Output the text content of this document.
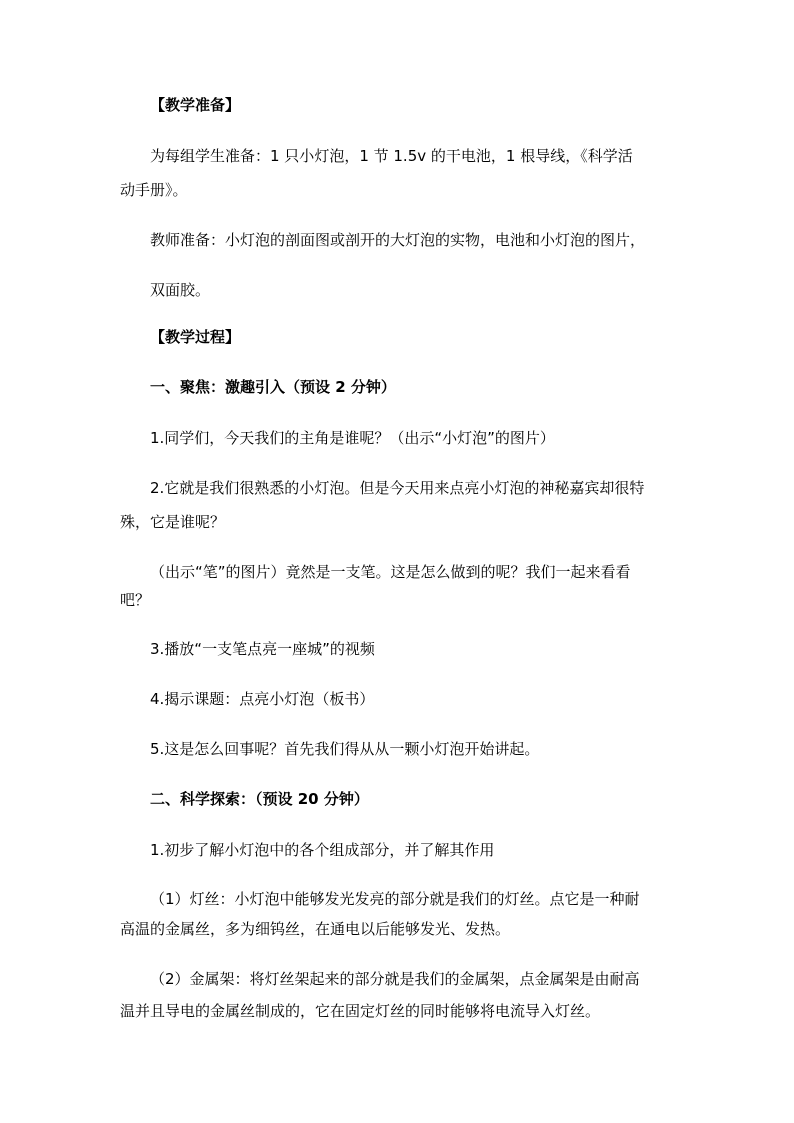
【教学准备】
为每组学生准备：1 只小灯泡，1 节 1.5v 的干电池，1 根导线，《科学活
动手册》。
教师准备：小灯泡的剖面图或剖开的大灯泡的实物，电池和小灯泡的图片，
双面胶。
【教学过程】
一、聚焦：激趣引入（预设 2 分钟）
1.同学们，今天我们的主角是谁呢？（出示“小灯泡”的图片）
2.它就是我们很熟悉的小灯泡。但是今天用来点亮小灯泡的神秘嘉宾却很特
殊，它是谁呢？
（出示“笔”的图片）竟然是一支笔。这是怎么做到的呢？我们一起来看看
吧？
3.播放“一支笔点亮一座城”的视频
4.揭示课题：点亮小灯泡（板书）
5.这是怎么回事呢？首先我们得从从一颗小灯泡开始讲起。
二、科学探索：（预设 20 分钟）
1.初步了解小灯泡中的各个组成部分，并了解其作用
（1）灯丝：小灯泡中能够发光发亮的部分就是我们的灯丝。点它是一种耐
高温的金属丝，多为细钨丝，在通电以后能够发光、发热。
（2）金属架：将灯丝架起来的部分就是我们的金属架，点金属架是由耐高
温并且导电的金属丝制成的，它在固定灯丝的同时能够将电流导入灯丝。
